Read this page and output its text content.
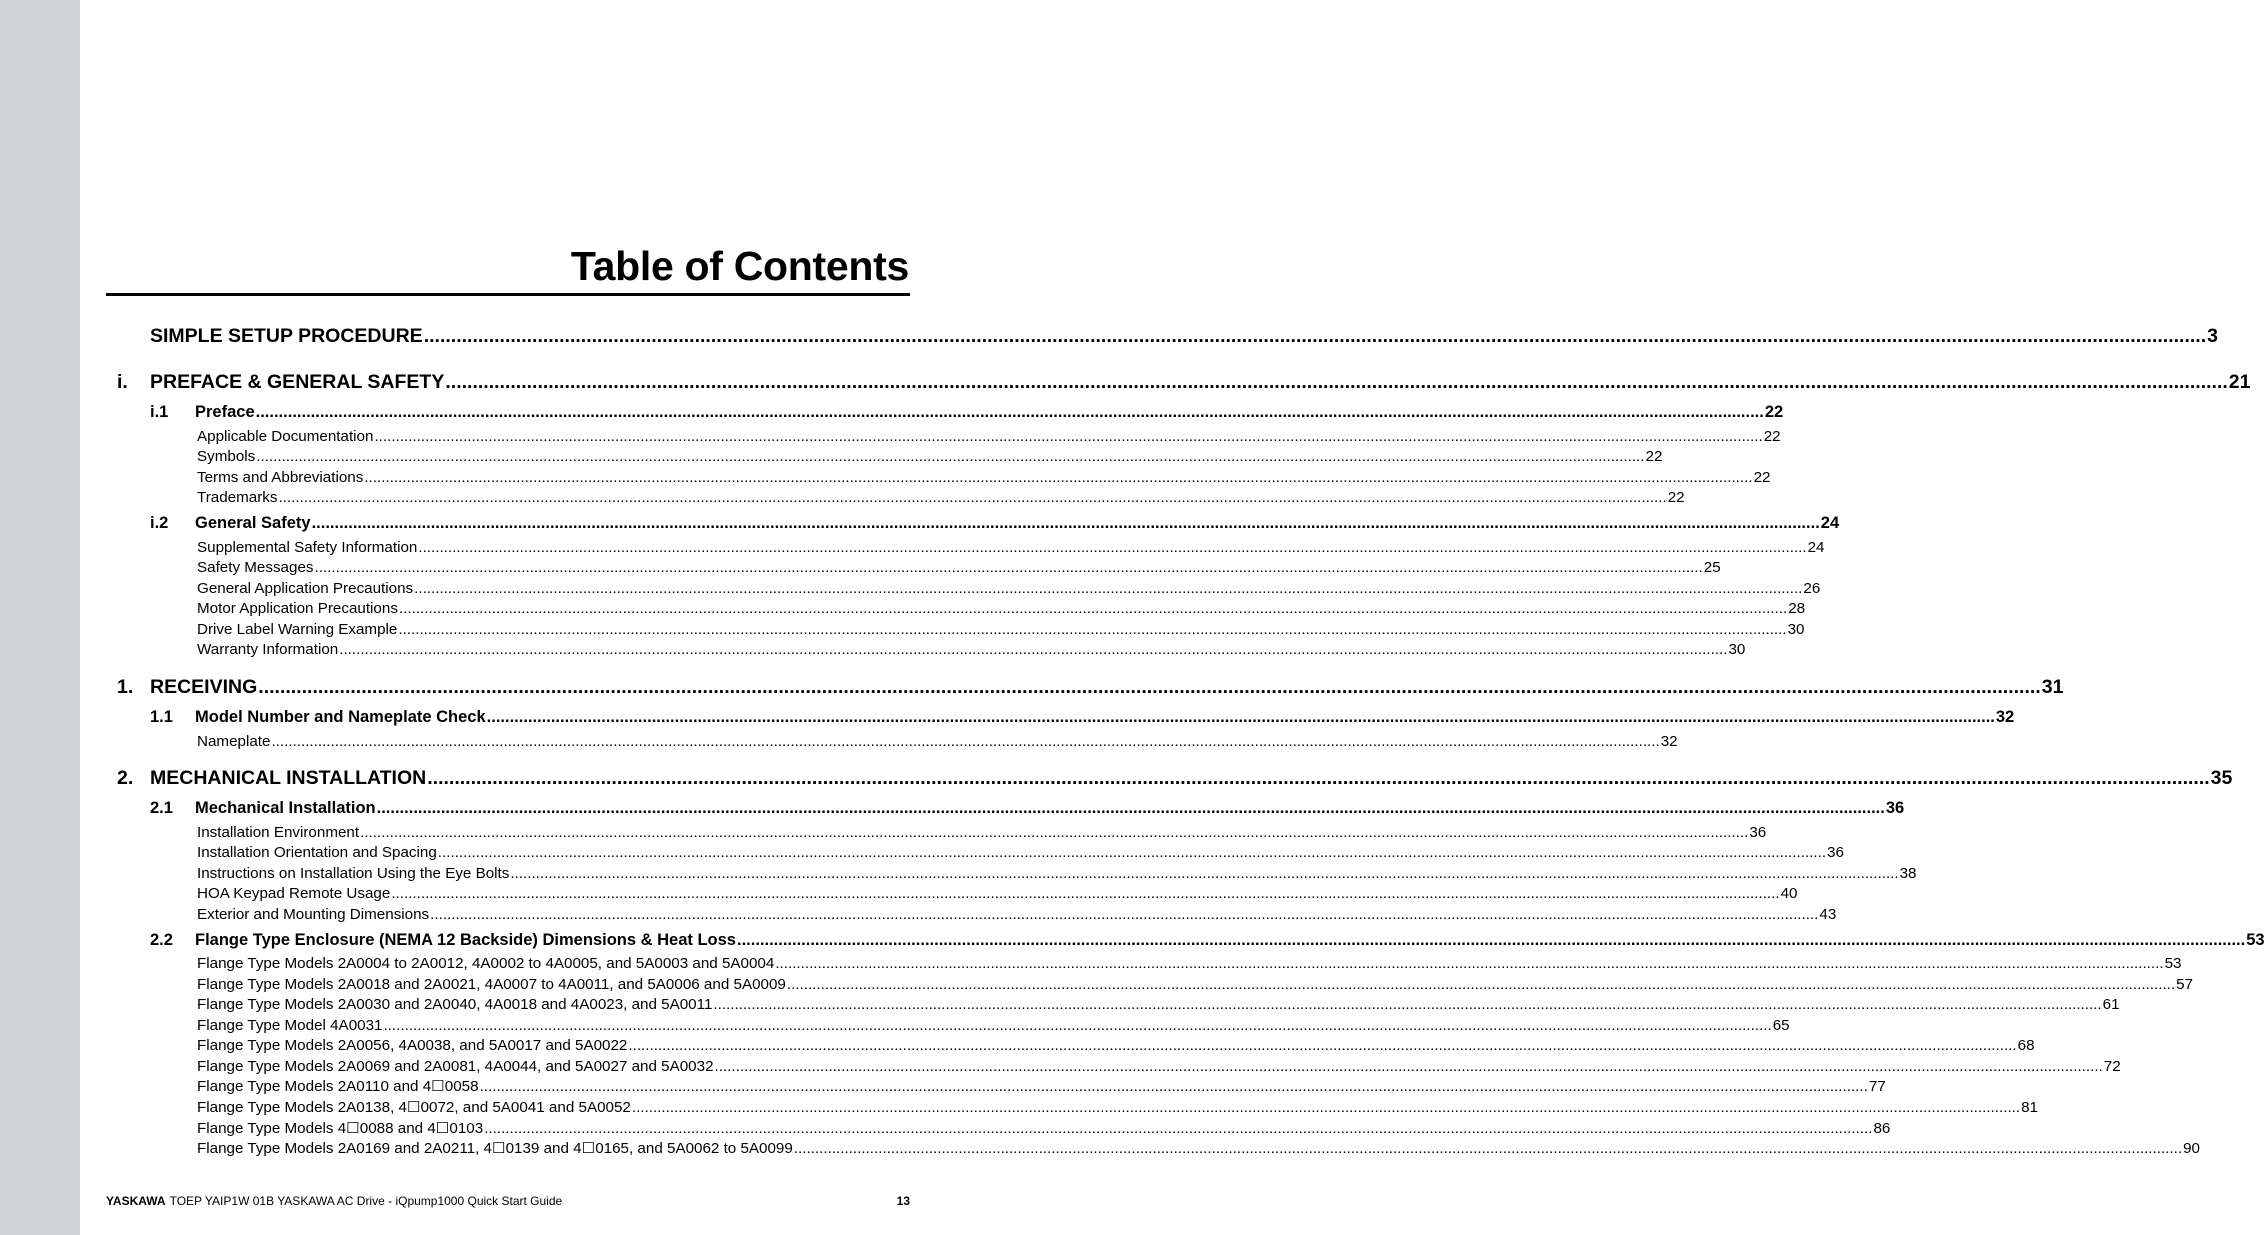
Table of Contents
SIMPLE SETUP PROCEDURE ......................................................................................................................................................................................................................................................................................................................................... 3
i.	PREFACE & GENERAL SAFETY ......................................................................................................................................................................................................................................................................................................................................... 21
i.1	Preface ......................................................................................................................................................................................................................................................................................................................................... 22
Applicable Documentation ......................................................................................................................................................................................................................................................................................................................................... 22
Symbols ......................................................................................................................................................................................................................................................................................................................................... 22
Terms and Abbreviations ......................................................................................................................................................................................................................................................................................................................................... 22
Trademarks ......................................................................................................................................................................................................................................................................................................................................... 22
i.2	General Safety ......................................................................................................................................................................................................................................................................................................................................... 24
Supplemental Safety Information ......................................................................................................................................................................................................................................................................................................................................... 24
Safety Messages ......................................................................................................................................................................................................................................................................................................................................... 25
General Application Precautions ......................................................................................................................................................................................................................................................................................................................................... 26
Motor Application Precautions ......................................................................................................................................................................................................................................................................................................................................... 28
Drive Label Warning Example ......................................................................................................................................................................................................................................................................................................................................... 30
Warranty Information ......................................................................................................................................................................................................................................................................................................................................... 30
1. RECEIVING ......................................................................................................................................................................................................................................................................................................................................... 31
1.1	Model Number and Nameplate Check ......................................................................................................................................................................................................................................................................................................................................... 32
Nameplate ......................................................................................................................................................................................................................................................................................................................................... 32
2. MECHANICAL INSTALLATION ......................................................................................................................................................................................................................................................................................................................................... 35
2.1	Mechanical Installation ......................................................................................................................................................................................................................................................................................................................................... 36
Installation Environment ......................................................................................................................................................................................................................................................................................................................................... 36
Installation Orientation and Spacing ......................................................................................................................................................................................................................................................................................................................................... 36
Instructions on Installation Using the Eye Bolts ......................................................................................................................................................................................................................................................................................................................................... 38
HOA Keypad Remote Usage ......................................................................................................................................................................................................................................................................................................................................... 40
Exterior and Mounting Dimensions ......................................................................................................................................................................................................................................................................................................................................... 43
2.2	Flange Type Enclosure (NEMA 12 Backside) Dimensions & Heat Loss ......................................................................................................................................................................................................................................................................................................................................... 53
Flange Type Models 2A0004 to 2A0012, 4A0002 to 4A0005, and 5A0003 and 5A0004 ......................................................................................................................................................................................................................................................................................................................................... 53
Flange Type Models 2A0018 and 2A0021, 4A0007 to 4A0011, and 5A0006 and 5A0009 ......................................................................................................................................................................................................................................................................................................................................... 57
Flange Type Models 2A0030 and 2A0040, 4A0018 and 4A0023, and 5A0011 ......................................................................................................................................................................................................................................................................................................................................... 61
Flange Type Model 4A0031 ......................................................................................................................................................................................................................................................................................................................................... 65
Flange Type Models 2A0056, 4A0038, and 5A0017 and 5A0022 ......................................................................................................................................................................................................................................................................................................................................... 68
Flange Type Models 2A0069 and 2A0081, 4A0044, and 5A0027 and 5A0032 ......................................................................................................................................................................................................................................................................................................................................... 72
Flange Type Models 2A0110 and 4☐0058 ......................................................................................................................................................................................................................................................................................................................................... 77
Flange Type Models 2A0138, 4☐0072, and 5A0041 and 5A0052 ......................................................................................................................................................................................................................................................................................................................................... 81
Flange Type Models 4☐0088 and 4☐0103 ......................................................................................................................................................................................................................................................................................................................................... 86
Flange Type Models 2A0169 and 2A0211, 4☐0139 and 4☐0165, and 5A0062 to 5A0099 ......................................................................................................................................................................................................................................................................................................................................... 90
YASKAWA TOEP YAIP1W 01B YASKAWA AC Drive - iQpump1000 Quick Start Guide	13
